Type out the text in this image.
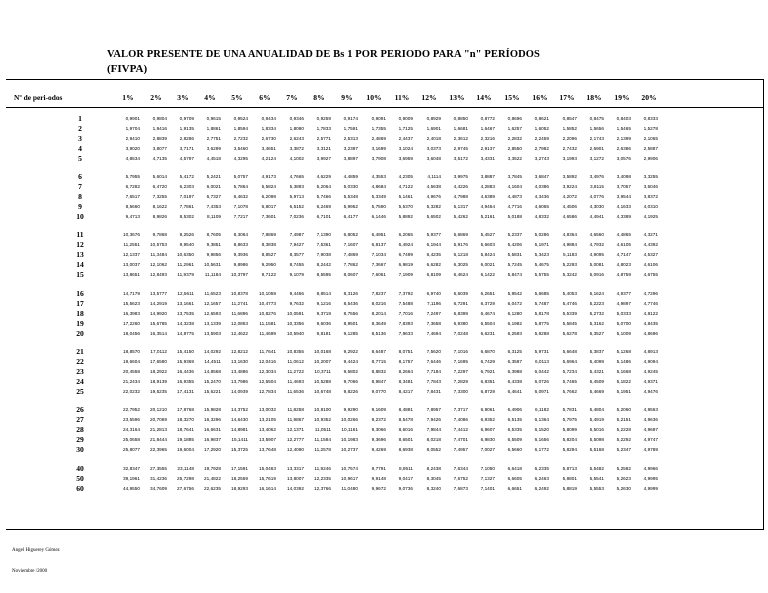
VALOR PRESENTE DE UNA ANUALIDAD DE Bs 1 POR PERIODO PARA "n" PERÍODOS
(FIVPA)
Nº de peri-odos	1%	2%	3%	4%	5%	6%	7%	8%	9%	10%	11%	12%	13%	14%	15%	16%	17%	18%	19%	20%
1	0,9901	0,9804	0,9709	0,9615	0,9524	0,9434	0,9346	0,9259	0,9174	0,9091	0,9009	0,8929	0,8850	0,8772	0,8696	0,8621	0,8547	0,8475	0,8403	0,8333
2	1,9704	1,9416	1,9135	1,8861	1,8594	1,8334	1,8080	1,7833	1,7591	1,7355	1,7125	1,6901	1,6681	1,6467	1,6257	1,6052	1,5852	1,5656	1,5465	1,5278
3	2,9410	2,8839	2,8286	2,7751	2,7232	2,6730	2,6243	2,5771	2,5313	2,4869	2,4437	2,4018	2,3612	2,3216	2,2832	2,2459	2,2096	2,1743	2,1399	2,1065
4	3,9020	3,8077	3,7171	3,6299	3,5460	3,4651	3,3872	3,3121	3,2397	3,1699	3,1024	3,0373	2,9745	2,9137	2,8550	2,7982	2,7432	2,6901	2,6386	2,5887
5	4,8534	4,7135	4,5797	4,4518	4,3295	4,2124	4,1002	3,9927	3,8897	3,7908	3,6959	3,6048	3,5172	3,4331	3,3522	3,2743	3,1993	3,1272	3,0576	2,9906
6	5,7955	5,6014	5,4172	5,2421	5,0757	4,9173	4,7665	4,6229	4,4859	4,3553	4,2305	4,1114	3,9975	3,8887	3,7845	3,6847	3,5892	3,4976	3,4098	3,3255
7	6,7282	6,4720	6,2303	6,0021	5,7864	5,5824	5,3893	5,2064	5,0330	4,8684	4,7122	4,5638	4,4226	4,2883	4,1604	4,0386	3,9224	3,8115	3,7057	3,6046
8	7,6517	7,3255	7,0197	6,7327	6,4632	6,2098	5,9713	5,7466	5,5348	5,3349	5,1461	4,9676	4,7988	4,6389	4,4873	4,3436	4,2072	4,0776	3,9544	3,8372
9	8,5660	8,1622	7,7861	7,4353	7,1078	6,8017	6,5152	6,2469	5,9952	5,7590	5,5370	5,3282	5,1317	4,9464	4,7716	4,6065	4,4506	4,3030	4,1633	4,0310
10	9,4713	8,9826	8,5302	8,1109	7,7217	7,3601	7,0236	6,7101	6,4177	6,1446	5,8892	5,6502	5,4262	5,2161	5,0188	4,8332	4,6586	4,4941	4,3389	4,1925
11	10,3676	9,7868	9,2526	8,7605	8,3064	7,8869	7,4987	7,1390	6,8052	6,4951	6,2065	5,9377	5,6869	5,4527	5,2337	5,0286	4,8364	4,6560	4,4865	4,3271
12	11,2551	10,5753	9,9540	9,3851	8,8633	8,3838	7,9427	7,5361	7,1607	6,8137	6,4924	6,1944	5,9176	5,6603	5,4206	5,1971	4,9884	4,7932	4,6105	4,4392
13	12,1337	11,3484	10,6350	9,9856	9,3936	8,8527	8,3577	7,9038	7,4869	7,1034	6,7499	6,4235	6,1218	5,8424	5,5831	5,3423	5,1183	4,9095	4,7147	4,5327
14	13,0037	12,1062	11,2961	10,5631	9,8986	9,2950	8,7455	8,2442	7,7862	7,3667	6,9819	6,6282	6,3025	6,0021	5,7245	5,4675	5,2293	5,0081	4,8023	4,6106
15	13,8651	12,8493	11,9379	11,1184	10,3797	9,7122	9,1079	8,5595	8,0607	7,6061	7,1909	6,8109	6,4624	6,1422	5,8474	5,5755	5,3242	5,0916	4,8759	4,6755
16	14,7179	13,5777	12,5611	11,6523	10,8378	10,1059	9,4466	8,8514	8,3126	7,8237	7,3792	6,9740	6,6039	6,2651	5,9542	5,6685	5,4053	5,1624	4,9377	4,7296
17	15,5623	14,2919	13,1661	12,1657	11,2741	10,4773	9,7632	9,1216	8,5436	8,0216	7,5488	7,1196	6,7291	6,3729	6,0472	5,7487	5,4746	5,2223	4,9897	4,7746
18	16,3983	14,9920	13,7535	12,6593	11,6896	10,8276	10,0591	9,3719	8,7556	8,2014	7,7016	7,2497	6,8399	6,4674	6,1280	5,8178	5,5339	5,2732	5,0333	4,8122
19	17,2260	15,6785	14,3238	13,1339	12,0853	11,1581	10,3356	9,6036	8,9501	8,3649	7,8393	7,3658	6,9380	6,5504	6,1982	5,8775	5,5845	5,3162	5,0700	4,8435
20	18,0456	16,3514	14,8775	13,5903	12,4622	11,4699	10,5940	9,8181	9,1285	8,5136	7,9633	7,4694	7,0248	6,6231	6,2593	5,9288	5,6278	5,3527	5,1009	4,8696
21	18,8570	17,0112	15,4150	14,0292	12,8212	11,7641	10,8355	10,0168	9,2922	8,6487	8,0751	7,5620	7,1016	6,6870	6,3125	5,9731	5,6648	5,3837	5,1268	4,8913
22	19,6604	17,6580	15,9369	14,4511	13,1630	12,0416	11,0612	10,2007	9,4424	8,7715	8,1757	7,6446	7,1695	6,7429	6,3587	6,0113	5,6964	5,4099	5,1486	4,9094
23	20,4558	18,2922	16,4436	14,8568	13,4886	12,3034	11,2722	10,3711	9,5802	8,8832	8,2664	7,7184	7,2297	6,7921	6,3988	6,0442	5,7234	5,4321	5,1668	4,9245
24	21,2434	18,9139	16,9355	15,2470	13,7986	12,5504	11,4693	10,5288	9,7066	8,9847	8,3481	7,7843	7,2829	6,8351	6,4338	6,0726	5,7465	5,4509	5,1822	4,9371
25	22,0232	19,5235	17,4131	15,6221	14,0939	12,7834	11,6536	10,6748	9,8226	9,0770	8,4217	7,8431	7,3300	6,8729	6,4641	6,0971	5,7662	5,4669	5,1951	4,9476
26	22,7952	20,1210	17,8768	15,9828	14,3752	13,0032	11,8258	10,8100	9,9290	9,1609	8,4881	7,8957	7,3717	6,9061	6,4906	6,1182	5,7831	5,4804	5,2060	4,9563
27	23,5596	20,7069	18,3270	16,3296	14,6430	13,2105	11,9867	10,9352	10,0266	9,2372	8,5478	7,9426	7,4086	6,9352	6,5135	6,1364	5,7975	5,4919	5,2151	4,9636
28	24,3164	21,2813	18,7641	16,6631	14,8981	13,4062	12,1371	11,0511	10,1161	9,3066	8,6016	7,9844	7,4412	6,9607	6,5335	6,1520	5,8099	5,5016	5,2228	4,9697
29	25,0658	21,8444	19,1885	16,9837	15,1411	13,5907	12,2777	11,1584	10,1983	9,3696	8,6501	8,0218	7,4701	6,9830	6,5509	6,1656	5,8204	5,5098	5,2292	4,9747
30	25,8077	22,3965	19,6004	17,2920	15,3725	13,7648	12,4090	11,2578	10,2737	9,4269	8,6938	8,0552	7,4957	7,0027	6,5660	6,1772	5,8294	5,5168	5,2347	4,9789
40	32,8347	27,3555	23,1148	19,7928	17,1591	15,0463	13,3317	11,9246	10,7574	9,7791	8,9511	8,2438	7,6344	7,1050	6,6418	6,2335	5,8713	5,5482	5,2582	4,9966
50	39,1961	31,4236	25,7298	21,4822	18,2559	15,7619	13,8007	12,2335	10,9617	9,9148	9,0417	8,3045	7,6752	7,1327	6,6605	6,2463	5,8801	5,5541	5,2623	4,9995
60	44,9550	34,7609	27,6756	22,6235	18,9293	16,1614	14,0392	12,3766	11,0480	9,9672	9,0736	8,3240	7,6873	7,1401	6,6651	6,2492	5,8819	5,5553	5,2630	4,9999
Angel Higuerey Gómez
Noviembre /2000
